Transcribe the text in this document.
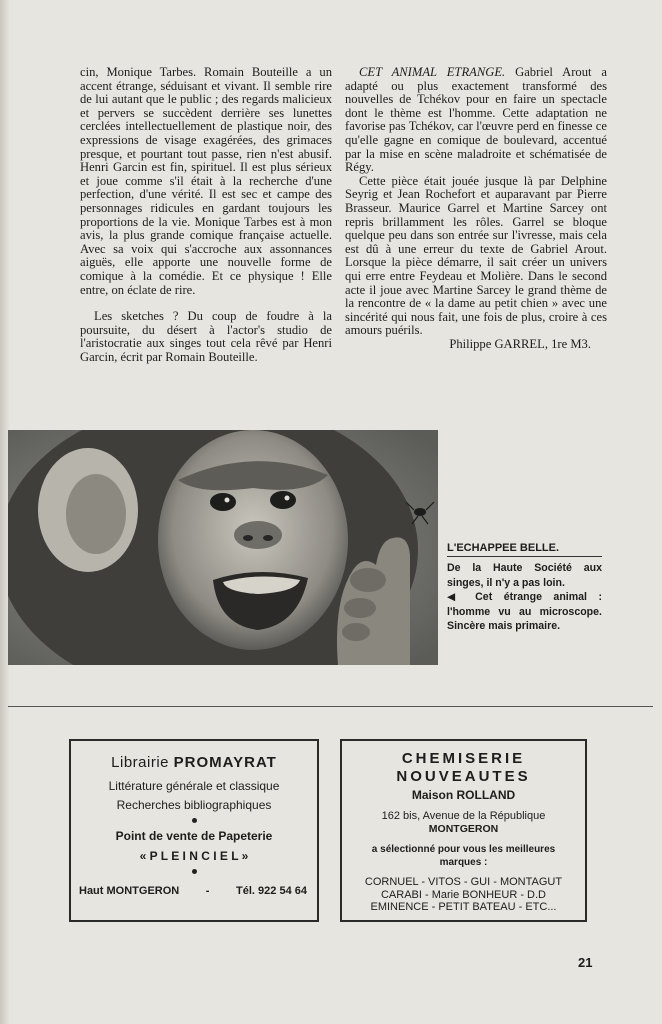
cin, Monique Tarbes. Romain Bouteille a un accent étrange, séduisant et vivant. Il semble rire de lui autant que le public ; des regards malicieux et pervers se succèdent derrière ses lunettes cerclées intellectuellement de plastique noir, des expressions de visage exagérées, des grimaces presque, et pourtant tout passe, rien n'est abusif. Henri Garcin est fin, spirituel. Il est plus sérieux et joue comme s'il était à la recherche d'une perfection, d'une vérité. Il est sec et campe des personnages ridicules en gardant toujours les proportions de la vie. Monique Tarbes est à mon avis, la plus grande comique française actuelle. Avec sa voix qui s'accroche aux assonnances aiguës, elle apporte une nouvelle forme de comique à la comédie. Et ce physique ! Elle entre, on éclate de rire.

Les sketches ? Du coup de foudre à la poursuite, du désert à l'actor's studio de l'aristocratie aux singes tout cela rêvé par Henri Garcin, écrit par Romain Bouteille.

CET ANIMAL ETRANGE. Gabriel Arout a adapté ou plus exactement transformé des nouvelles de Tchékov pour en faire un spectacle dont le thème est l'homme. Cette adaptation ne favorise pas Tchékov, car l'œuvre perd en finesse ce qu'elle gagne en comique de boulevard, accentué par la mise en scène maladroite et schématisée de Régy.

Cette pièce était jouée jusque là par Delphine Seyrig et Jean Rochefort et auparavant par Pierre Brasseur. Maurice Garrel et Martine Sarcey ont repris brillamment les rôles. Garrel se bloque quelque peu dans son entrée sur l'ivresse, mais cela est dû à une erreur du texte de Gabriel Arout. Lorsque la pièce démarre, il sait créer un univers qui erre entre Feydeau et Molière. Dans le second acte il joue avec Martine Sarcey le grand thème de la rencontre de « la dame au petit chien » avec une sincérité qui nous fait, une fois de plus, croire à ces amours puérils.

Philippe GARREL, 1re M3.

L'ECHAPPEE BELLE.
De la Haute Société aux singes, il n'y a pas loin.
◀ Cet étrange animal : l'homme vu au microscope. Sincère mais primaire.
Librairie PROMAYRAT
Littérature générale et classique
Recherches bibliographiques
Point de vente de Papeterie
« P L E I N C I E L »
Haut MONTGERON - Tél. 922 54 64
CHEMISERIE
NOUVEAUTES
Maison ROLLAND
162 bis, Avenue de la République
MONTGERON
a sélectionné pour vous les meilleures
marques :
CORNUEL - VITOS - GUI - MONTAGUT
CARABI - Marie BONHEUR - D.D
EMINENCE - PETIT BATEAU - ETC...
21
